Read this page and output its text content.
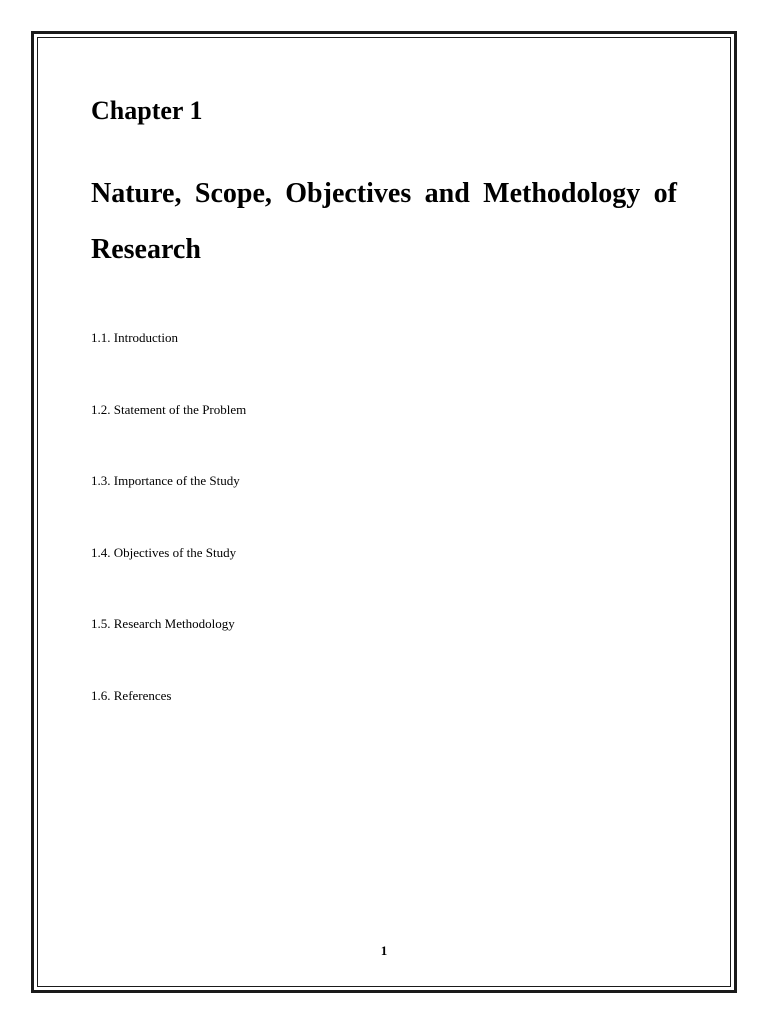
Chapter 1
Nature, Scope, Objectives and Methodology of Research
1.1. Introduction
1.2. Statement of the Problem
1.3. Importance of the Study
1.4. Objectives of the Study
1.5. Research Methodology
1.6. References
1
